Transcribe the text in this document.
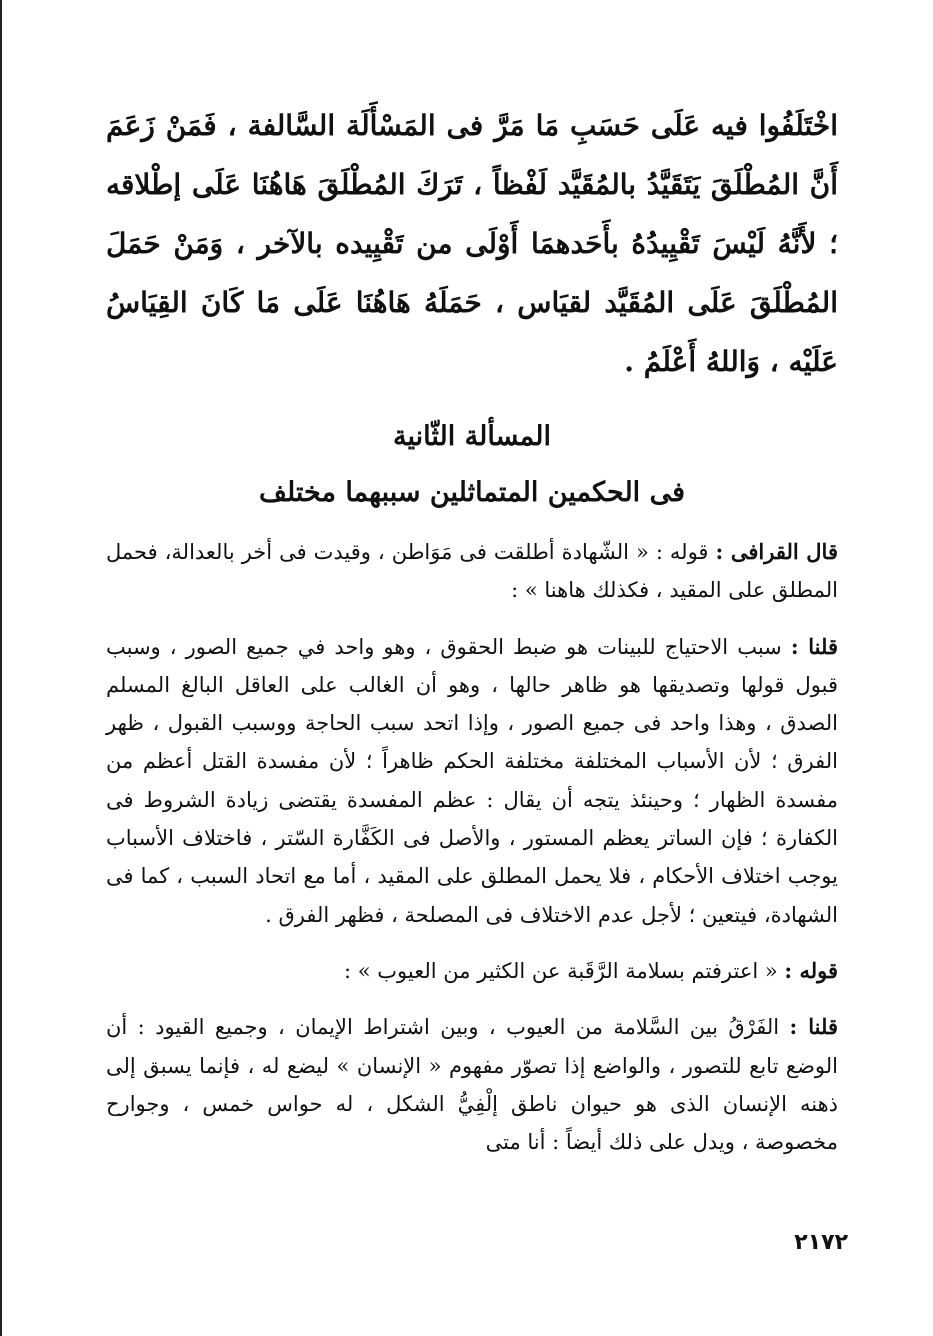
اخْتَلَفُوا فيه عَلَى حَسَبِ مَا مَرَّ فى المَسْأَلَة السَّالفة ، فَمَنْ زَعَمَ أَنَّ المُطْلَقَ يَتَقَيَّدُ بالمُقَيَّد لَفْظاً ، تَرَكَ المُطْلَقَ هَاهُنَا عَلَى إطْلاقه ؛ لأَنَّهُ لَيْسَ تَقْيِيدُهُ بأَحَدهمَا أَوْلَى من تَقْيِيده بالآخر ، وَمَنْ حَمَلَ المُطْلَقَ عَلَى المُقَيَّد لقيَاس ، حَمَلَهُ هَاهُنَا عَلَى مَا كَانَ القِيَاسُ عَلَيْه ، وَاللهُ أَعْلَمُ .

المسألة الثّانية
فى الحكمين المتماثلين سببهما مختلف

قال القرافى : قوله : « الشّهادة أطلقت فى مَوَاطن ، وقيدت فى أخر بالعدالة، فحمل المطلق على المقيد ، فكذلك هاهنا » :

قلنا : سبب الاحتياج للبينات هو ضبط الحقوق ، وهو واحد في جميع الصور ، وسبب قبول قولها وتصديقها هو ظاهر حالها ، وهو أن الغالب على العاقل البالغ المسلم الصدق ، وهذا واحد فى جميع الصور ، وإذا اتحد سبب الحاجة ووسبب القبول ، ظهر الفرق ؛ لأن الأسباب المختلفة مختلفة الحكم ظاهراً ؛ لأن مفسدة القتل أعظم من مفسدة الظهار ؛ وحينئذ يتجه أن يقال : عظم المفسدة يقتضى زيادة الشروط فى الكفارة ؛ فإن الساتر يعظم المستور ، والأصل فى الكَفَّارة السّتر ، فاختلاف الأسباب يوجب اختلاف الأحكام ، فلا يحمل المطلق على المقيد ، أما مع اتحاد السبب ، كما فى الشهادة، فيتعين ؛ لأجل عدم الاختلاف فى المصلحة ، فظهر الفرق .

قوله : « اعترفتم بسلامة الرَّقَبة عن الكثير من العيوب » :

قلنا : الفَرْقُ بين السَّلامة من العيوب ، وبين اشتراط الإيمان ، وجميع القيود : أن الوضع تابع للتصور ، والواضع إذا تصوّر مفهوم « الإنسان » ليضع له ، فإنما يسبق إلى ذهنه الإنسان الذى هو حيوان ناطق إلْفِيُّ الشكل ، له حواس خمس ، وجوارح مخصوصة ، ويدل على ذلك أيضاً : أنا متى

٢١٧٢
